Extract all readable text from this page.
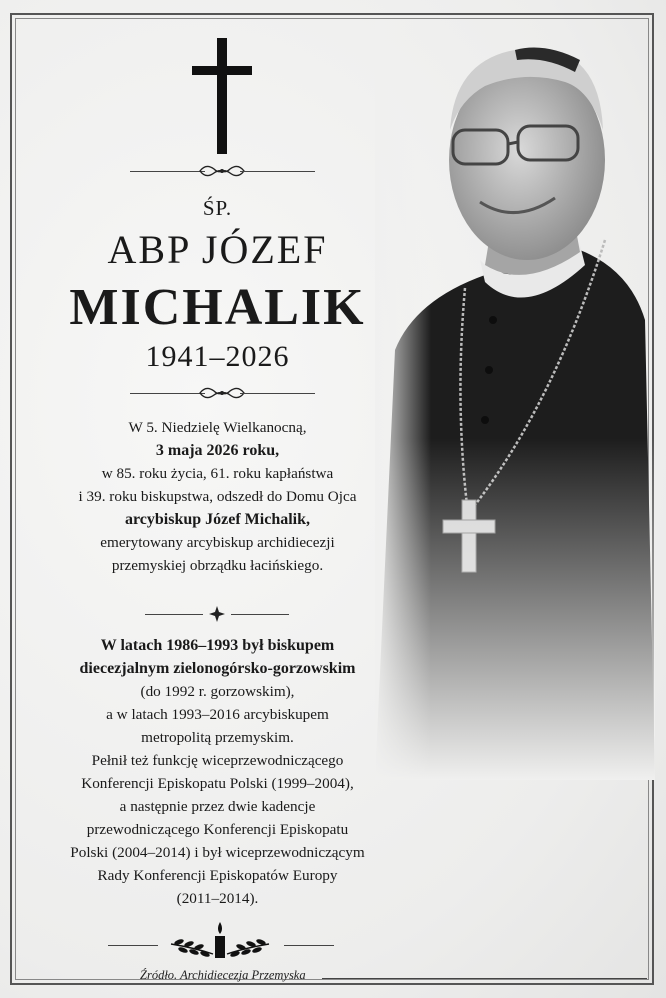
ŚP.
ABP JÓZEF
MICHALIK
1941–2026
W 5. Niedzielę Wielkanocną,
3 maja 2026 roku,
w 85. roku życia, 61. roku kapłaństwa
i 39. roku biskupstwa, odszedł do Domu Ojca
arcybiskup Józef Michalik,
emerytowany arcybiskup archidiecezji
przemyskiej obrządku łacińskiego.
W latach 1986–1993 był biskupem
diecezjalnym zielonogórsko-gorzowskim
(do 1992 r. gorzowskim),
a w latach 1993–2016 arcybiskupem
metropolitą przemyskim.
Pełnił też funkcję wiceprzewodniczącego
Konferencji Episkopatu Polski (1999–2004),
a następnie przez dwie kadencje
przewodniczącego Konferencji Episkopatu
Polski (2004–2014) i był wiceprzewodniczącym
Rady Konferencji Episkopatów Europy
(2011–2014).
Źródło. Archidiecezja Przemyska
